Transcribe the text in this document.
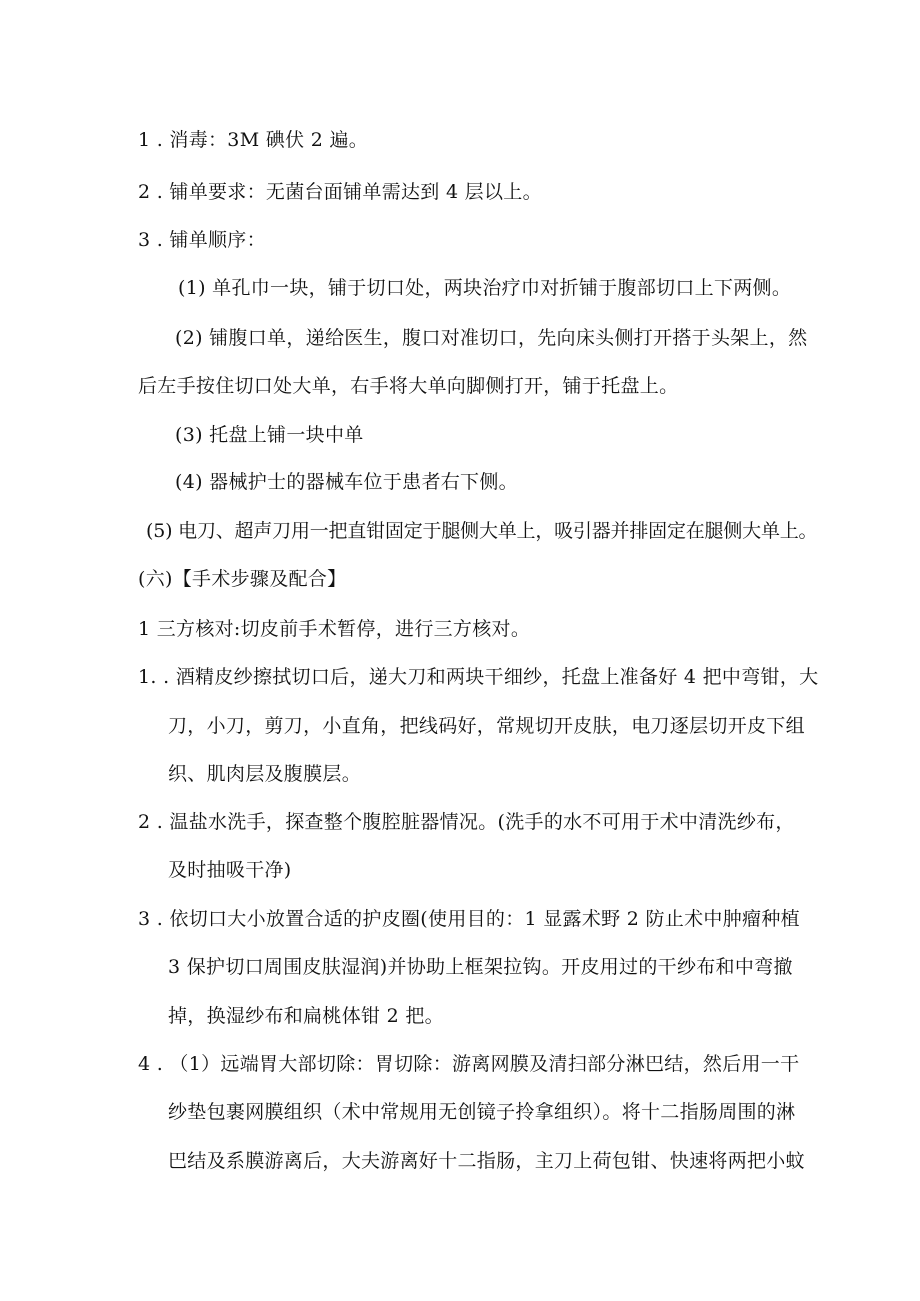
1 . 消毒：3M 碘伏 2 遍。
2 . 铺单要求：无菌台面铺单需达到 4 层以上。
3 . 铺单顺序：
(1) 单孔巾一块，铺于切口处，两块治疗巾对折铺于腹部切口上下两侧。
(2) 铺腹口单，递给医生，腹口对准切口，先向床头侧打开搭于头架上，然
后左手按住切口处大单，右手将大单向脚侧打开，铺于托盘上。
(3) 托盘上铺一块中单
(4) 器械护士的器械车位于患者右下侧。
(5) 电刀、超声刀用一把直钳固定于腿侧大单上，吸引器并排固定在腿侧大单上。
(六)【手术步骤及配合】
1 三方核对:切皮前手术暂停，进行三方核对。
1. . 酒精皮纱擦拭切口后，递大刀和两块干细纱，托盘上准备好 4 把中弯钳，大
刀，小刀，剪刀，小直角，把线码好，常规切开皮肤，电刀逐层切开皮下组
织、肌肉层及腹膜层。
2 . 温盐水洗手，探查整个腹腔脏器情况。(洗手的水不可用于术中清洗纱布，
及时抽吸干净)
3 . 依切口大小放置合适的护皮圈(使用目的：1 显露术野 2 防止术中肿瘤种植
3 保护切口周围皮肤湿润)并协助上框架拉钩。开皮用过的干纱布和中弯撤
掉，换湿纱布和扁桃体钳 2 把。
4 . （1）远端胃大部切除：胃切除：游离网膜及清扫部分淋巴结，然后用一干
纱垫包裹网膜组织（术中常规用无创镜子拎拿组织）。将十二指肠周围的淋
巴结及系膜游离后，大夫游离好十二指肠，主刀上荷包钳、快速将两把小蚊
